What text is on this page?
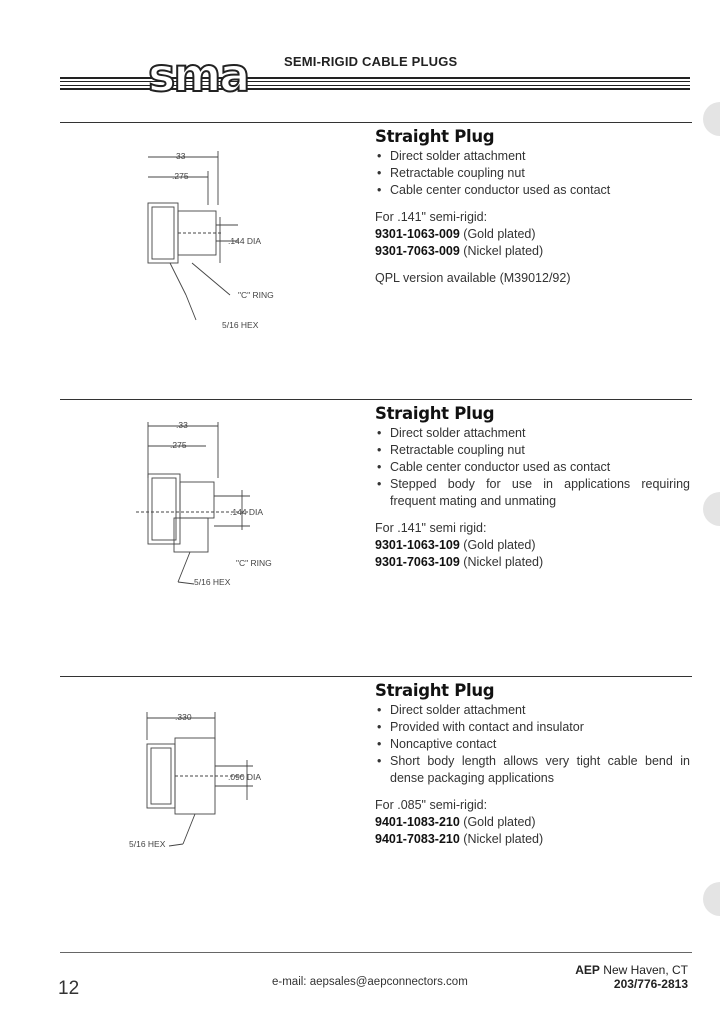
sma	SEMI-RIGID CABLE PLUGS
33
.275
.144 DIA
"C" RING
5/16 HEX
Straight Plug
• Direct solder attachment
• Retractable coupling nut
• Cable center conductor used as contact

For .141" semi-rigid:

9301-1063-009 (Gold plated)

9301-7063-009 (Nickel plated)

QPL version available (M39012/92)

.33
.275
.144 DIA
"C" RING
5/16 HEX
Straight Plug
• Direct solder attachment
• Retractable coupling nut
• Cable center conductor used as contact
• Stepped body for use in applications requiring frequent mating and unmating

For .141" semi rigid:

9301-1063-109 (Gold plated)

9301-7063-109 (Nickel plated)

.330
.090 DIA
5/16 HEX
Straight Plug
• Direct solder attachment
• Provided with contact and insulator
• Noncaptive contact
• Short body length allows very tight cable bend in dense packaging applications

For .085" semi-rigid:

9401-1083-210 (Gold plated)

9401-7083-210 (Nickel plated)

12	e-mail: aepsales@aepconnectors.com
AEP New Haven, CT
203/776-2813
